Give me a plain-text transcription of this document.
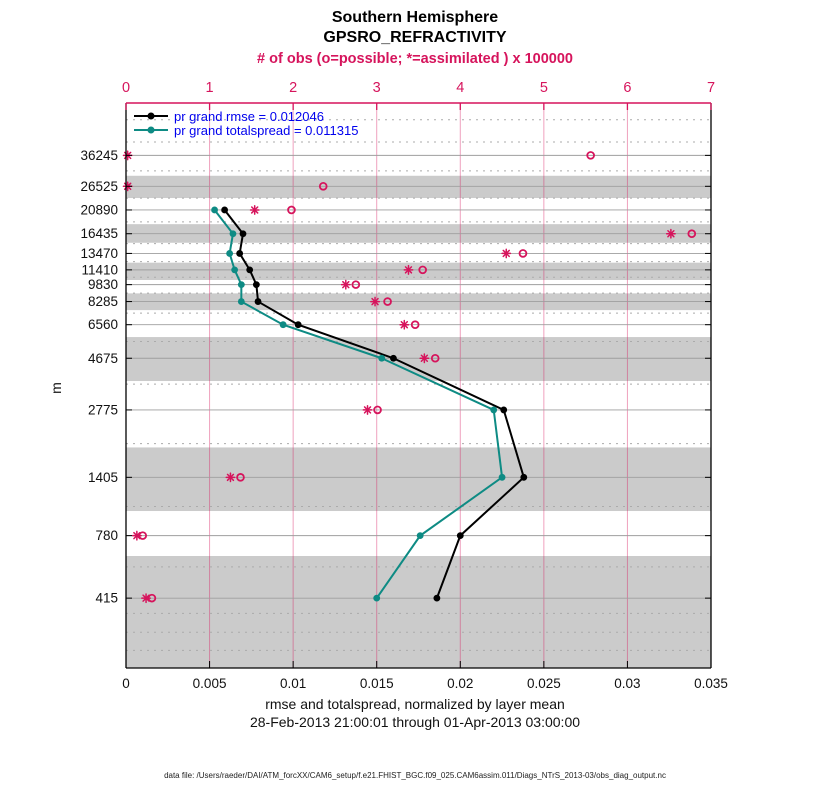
0	0.005	0.01	0.015	0.02	0.025	0.03	0.035
0	1	2	3	4	5	6	7
36245
26525
20890
16435
13470
11410
9830
8285
6560
4675
2775
1405
780
415
Southern Hemisphere
GPSRO_REFRACTIVITY
# of obs (o=possible; *=assimilated ) x 100000
pr grand rmse = 0.012046
pr grand totalspread = 0.011315
m
rmse and totalspread, normalized by layer mean
28-Feb-2013 21:00:01 through 01-Apr-2013 03:00:00
data file: /Users/raeder/DAI/ATM_forcXX/CAM6_setup/f.e21.FHIST_BGC.f09_025.CAM6assim.011/Diags_NTrS_2013-03/obs_diag_output.nc
